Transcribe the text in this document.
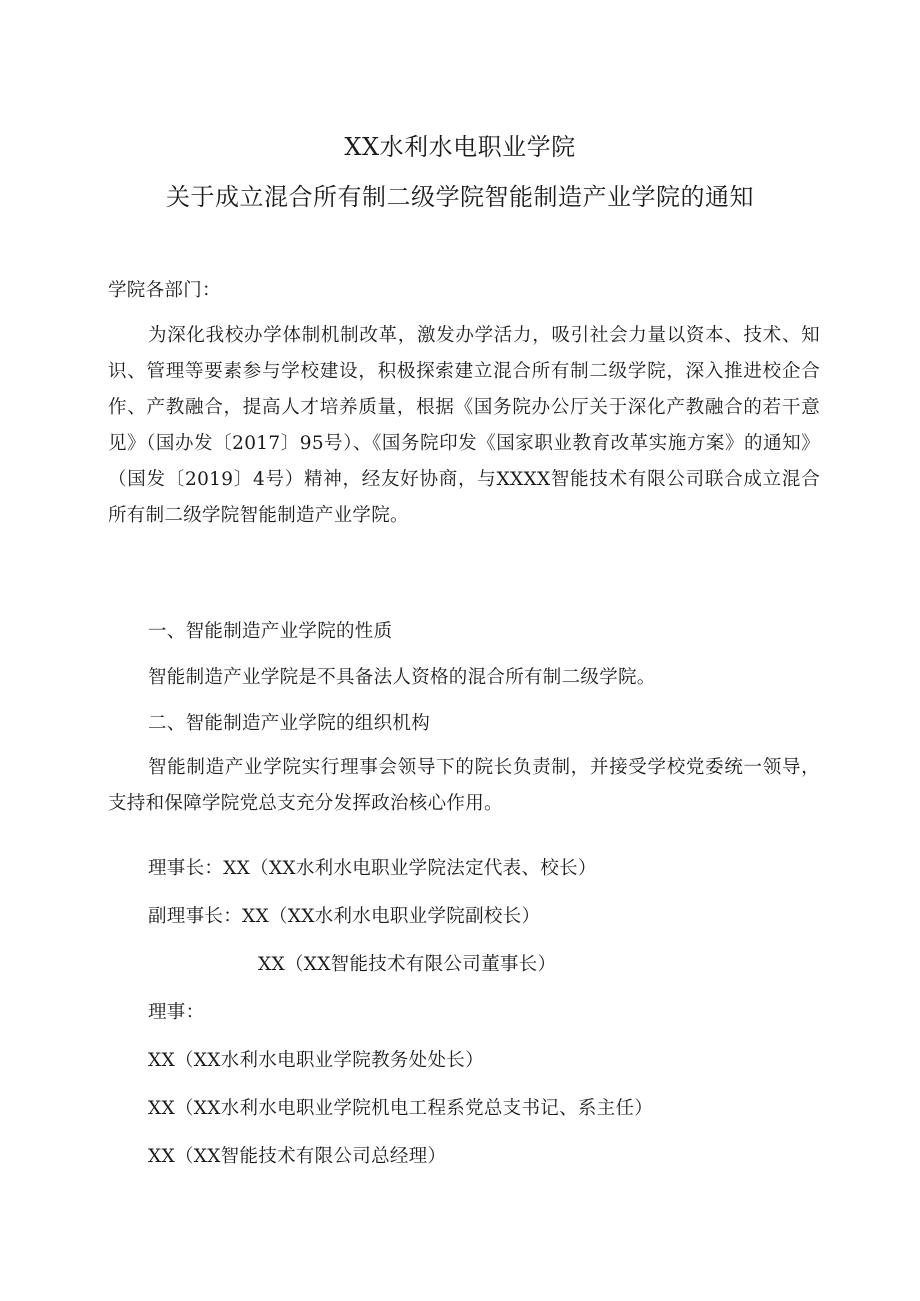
XX水利水电职业学院
关于成立混合所有制二级学院智能制造产业学院的通知
学院各部门：
为深化我校办学体制机制改革，激发办学活力，吸引社会力量以资本、技术、知识、管理等要素参与学校建设，积极探索建立混合所有制二级学院，深入推进校企合作、产教融合，提高人才培养质量，根据《国务院办公厅关于深化产教融合的若干意见》（国办发〔2017〕95号）、《国务院印发《国家职业教育改革实施方案》的通知》（国发〔2019〕4号）精神，经友好协商，与XXXX智能技术有限公司联合成立混合所有制二级学院智能制造产业学院。
一、智能制造产业学院的性质
智能制造产业学院是不具备法人资格的混合所有制二级学院。
二、智能制造产业学院的组织机构
智能制造产业学院实行理事会领导下的院长负责制，并接受学校党委统一领导，支持和保障学院党总支充分发挥政治核心作用。
理事长：XX（XX水利水电职业学院法定代表、校长）
副理事长：XX（XX水利水电职业学院副校长）
XX（XX智能技术有限公司董事长）
理事：
XX（XX水利水电职业学院教务处处长）
XX（XX水利水电职业学院机电工程系党总支书记、系主任）
XX（XX智能技术有限公司总经理）
